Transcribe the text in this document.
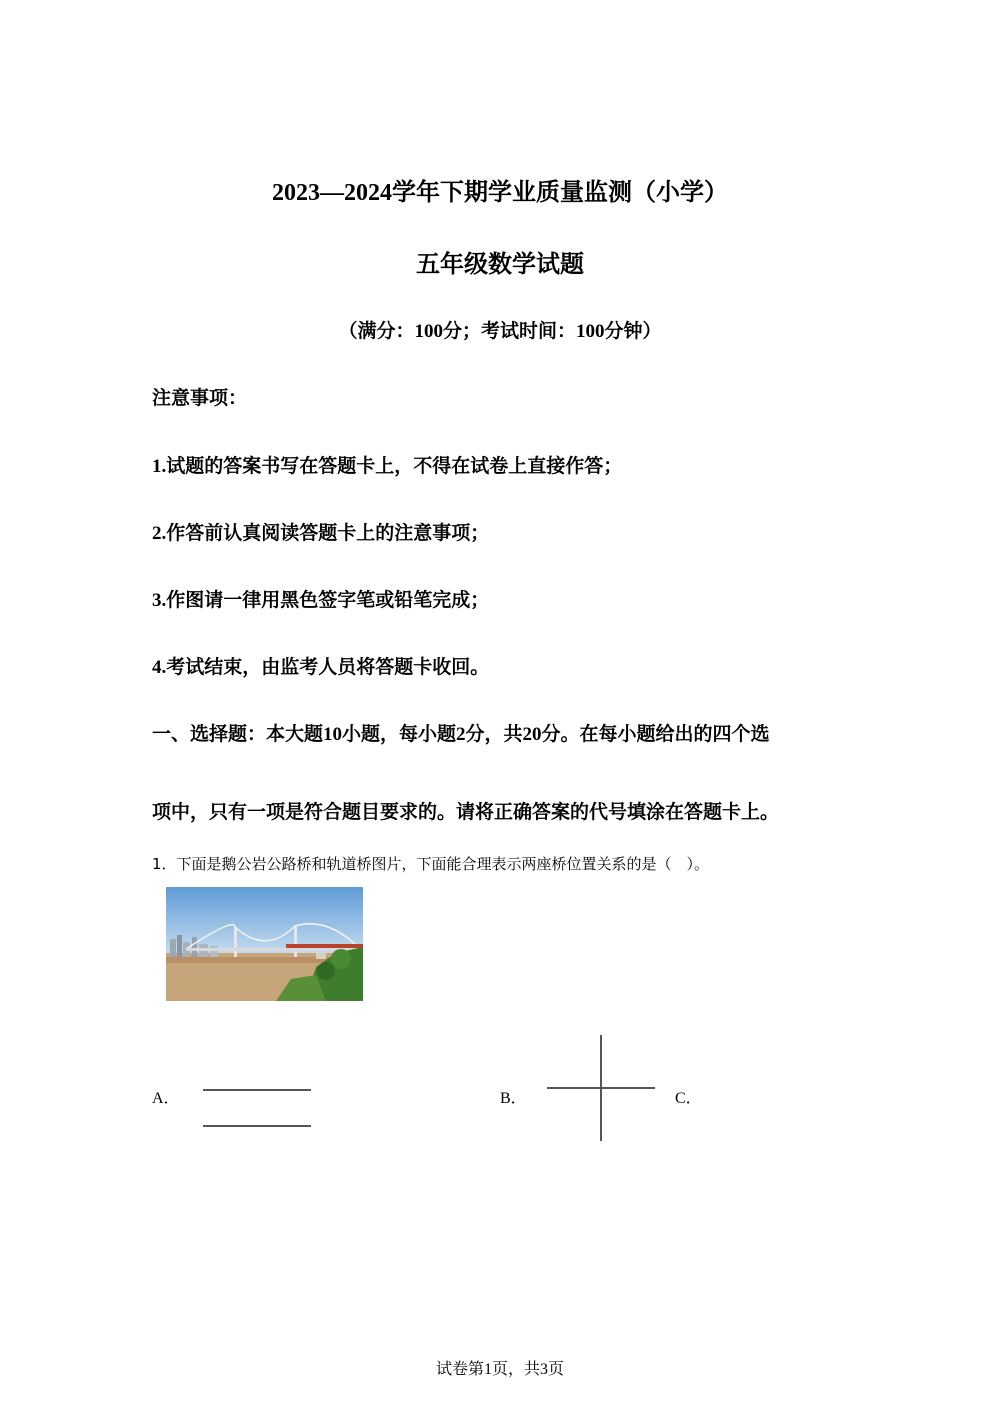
2023—2024学年下期学业质量监测（小学）
五年级数学试题
（满分：100分；考试时间：100分钟）
注意事项：
1.试题的答案书写在答题卡上，不得在试卷上直接作答；
2.作答前认真阅读答题卡上的注意事项；
3.作图请一律用黑色签字笔或铅笔完成；
4.考试结束，由监考人员将答题卡收回。
一、选择题：本大题10小题，每小题2分，共20分。在每小题给出的四个选
项中，只有一项是符合题目要求的。请将正确答案的代号填涂在答题卡上。
1．下面是鹅公岩公路桥和轨道桥图片，下面能合理表示两座桥位置关系的是（　）。
A．	B．	C．
试卷第1页，共3页
